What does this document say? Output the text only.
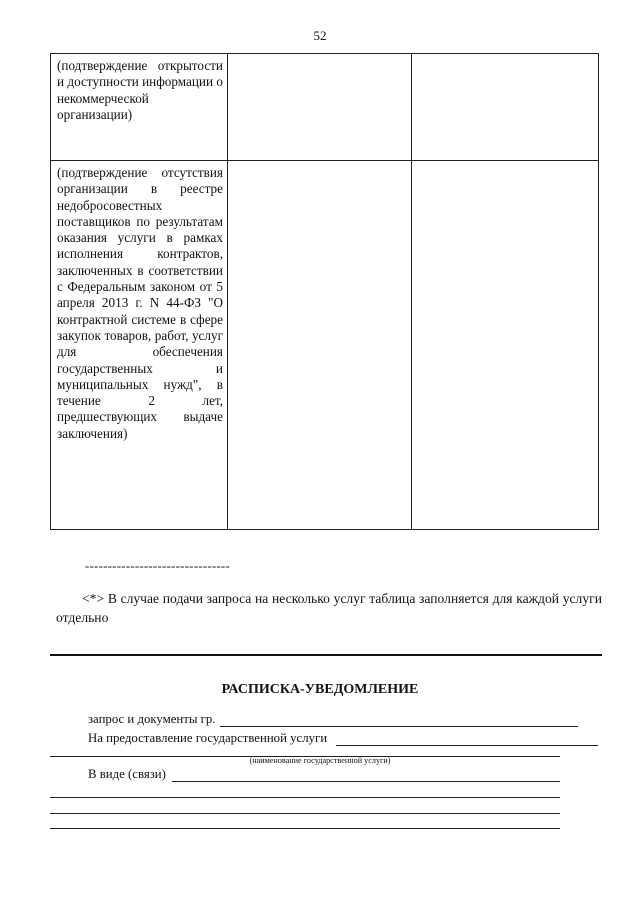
52
(подтверждение открытости и доступности информации о некоммерческой организации)		

(подтверждение отсутствия организации в реестре недобросовестных поставщиков по результатам оказания услуги в рамках исполнения контрактов, заключенных в соответствии с Федеральным законом от 5 апреля 2013 г. N 44-ФЗ "О контрактной системе в сфере закупок товаров, работ, услуг для обеспечения государственных и муниципальных нужд", в течение 2 лет, предшествующих выдаче заключения)		

--------------------------------
<*> В случае подачи запроса на несколько услуг таблица заполняется для каждой услуги отдельно
РАСПИСКА-УВЕДОМЛЕНИЕ
запрос и документы гр.
На предоставление государственной услуги
(наименование государственной услуги)
В виде (связи)
